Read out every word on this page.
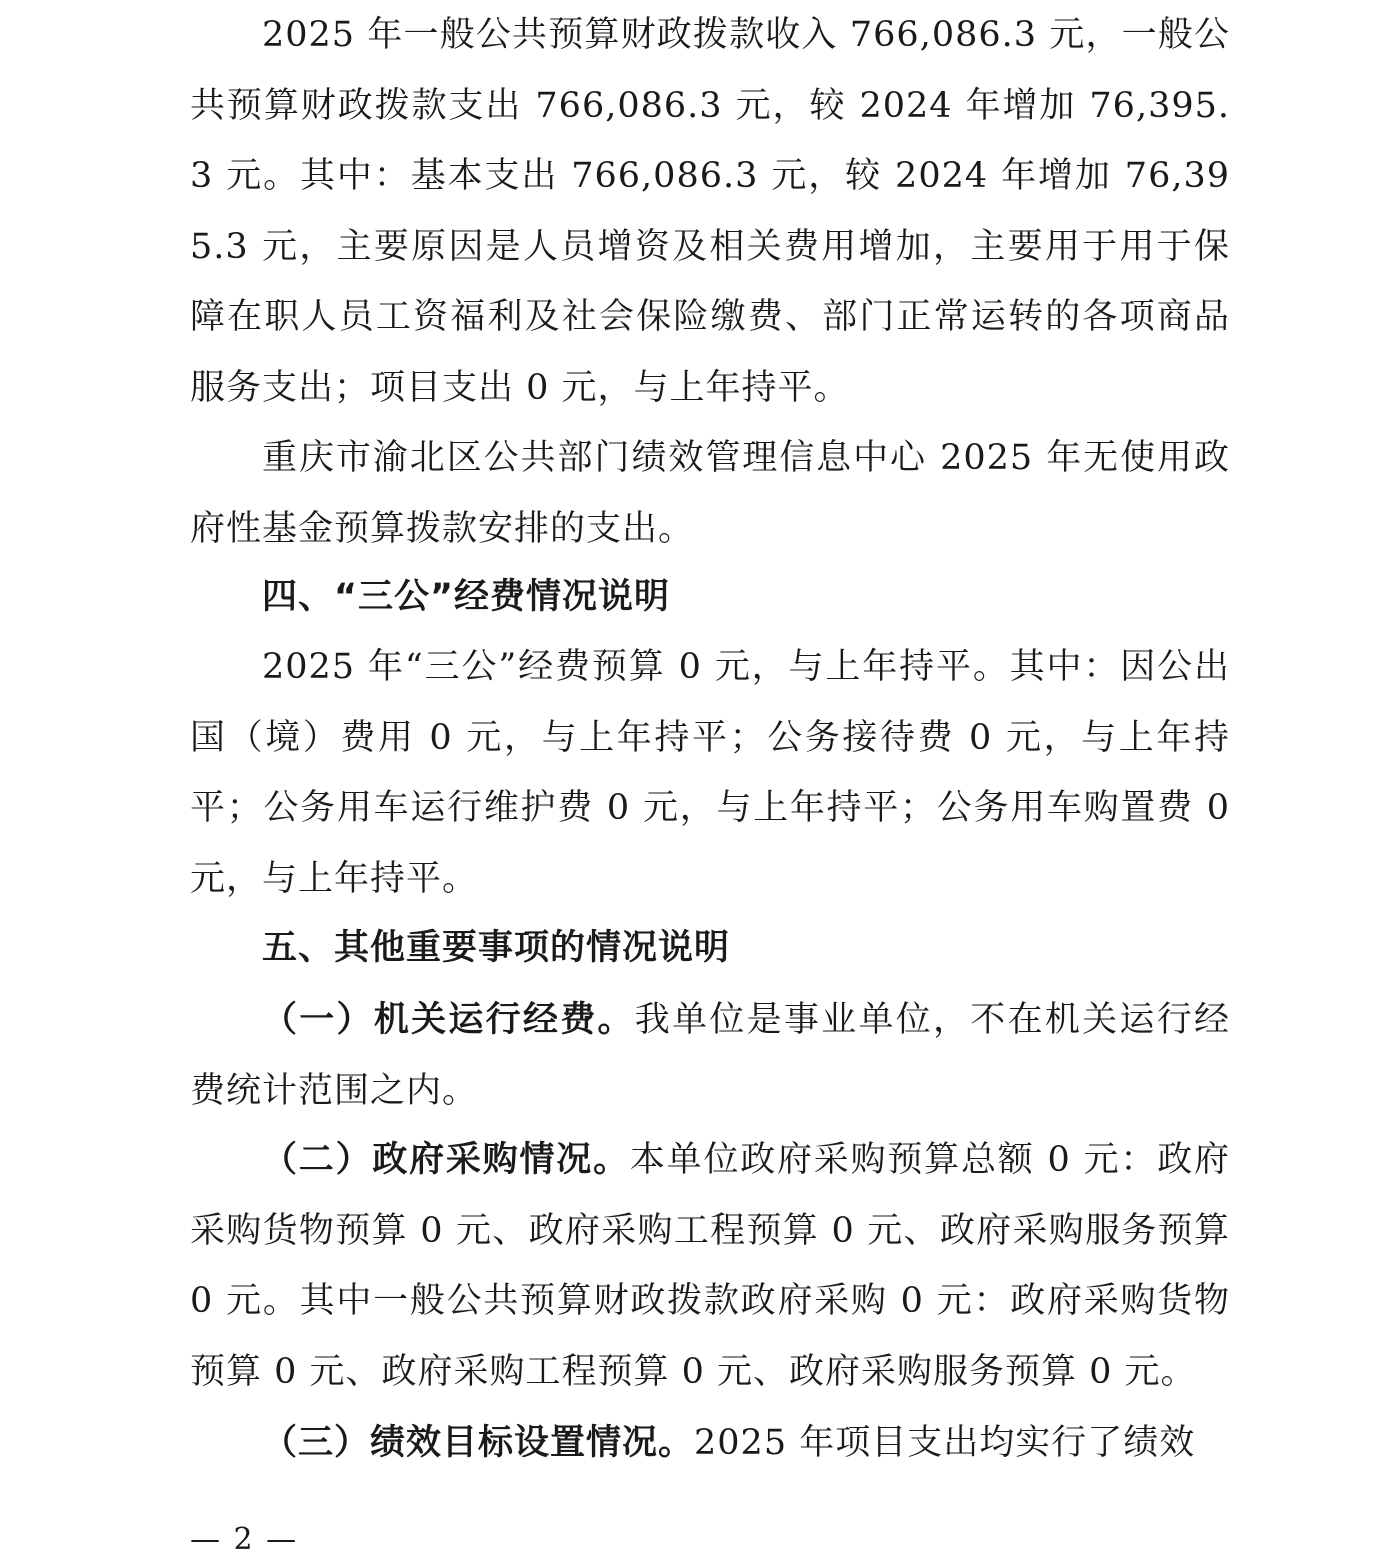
2025 年一般公共预算财政拨款收入 766,086.3 元，一般公共预算财政拨款支出 766,086.3 元，较 2024 年增加 76,395.3 元。其中：基本支出 766,086.3 元，较 2024 年增加 76,395.3 元，主要原因是人员增资及相关费用增加，主要用于用于保障在职人员工资福利及社会保险缴费、部门正常运转的各项商品服务支出；项目支出 0 元，与上年持平。

重庆市渝北区公共部门绩效管理信息中心 2025 年无使用政府性基金预算拨款安排的支出。

四、“三公”经费情况说明

2025 年“三公”经费预算 0 元，与上年持平。其中：因公出国（境）费用 0 元，与上年持平；公务接待费 0 元，与上年持平；公务用车运行维护费 0 元，与上年持平；公务用车购置费 0 元，与上年持平。

五、其他重要事项的情况说明

（一）机关运行经费。我单位是事业单位，不在机关运行经费统计范围之内。

（二）政府采购情况。本单位政府采购预算总额 0 元：政府采购货物预算 0 元、政府采购工程预算 0 元、政府采购服务预算 0 元。其中一般公共预算财政拨款政府采购 0 元：政府采购货物预算 0 元、政府采购工程预算 0 元、政府采购服务预算 0 元。

（三）绩效目标设置情况。2025 年项目支出均实行了绩效

— 2 —
